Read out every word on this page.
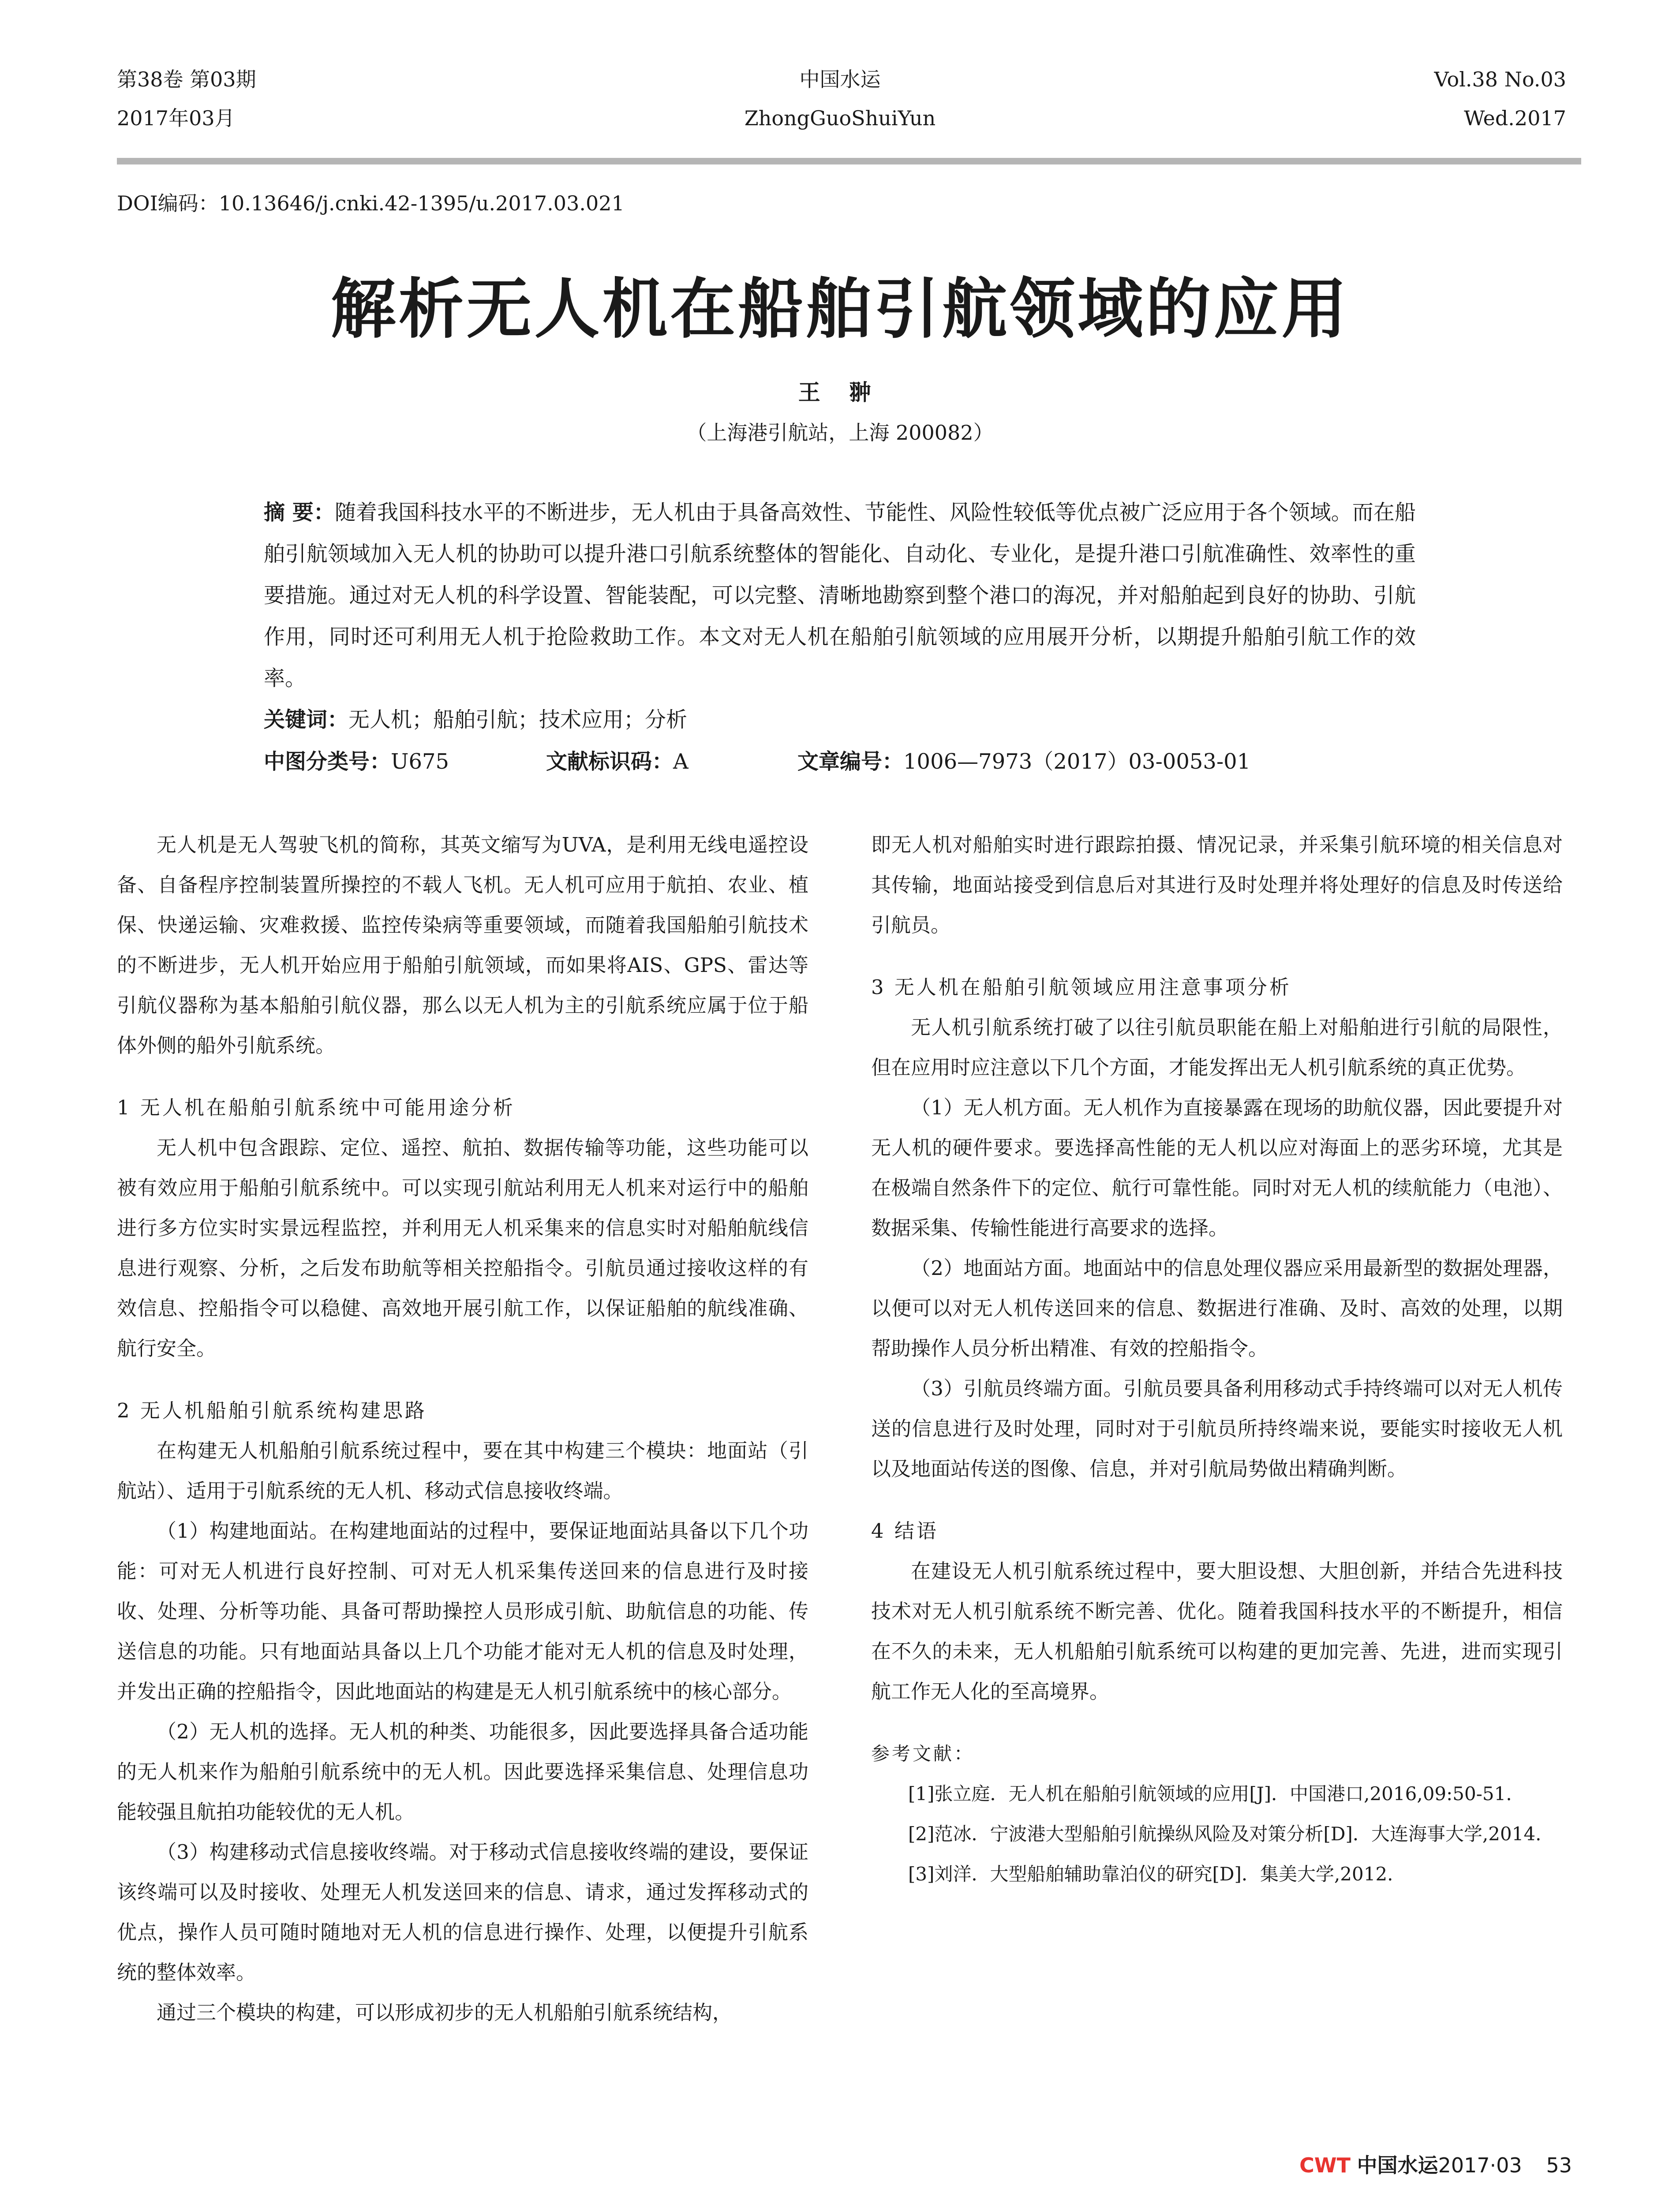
第38卷 第03期
2017年03月
中国水运
ZhongGuoShuiYun
Vol.38 No.03
Wed.2017
DOI编码：10.13646/j.cnki.42-1395/u.2017.03.021
解析无人机在船舶引航领域的应用
王 翀
（上海港引航站，上海 200082）
摘 要：随着我国科技水平的不断进步，无人机由于具备高效性、节能性、风险性较低等优点被广泛应用于各个领域。而在船舶引航领域加入无人机的协助可以提升港口引航系统整体的智能化、自动化、专业化，是提升港口引航准确性、效率性的重要措施。通过对无人机的科学设置、智能装配，可以完整、清晰地勘察到整个港口的海况，并对船舶起到良好的协助、引航作用，同时还可利用无人机于抢险救助工作。本文对无人机在船舶引航领域的应用展开分析，以期提升船舶引航工作的效率。
关键词：无人机；船舶引航；技术应用；分析
中图分类号：U675	文献标识码：A	文章编号：1006—7973（2017）03-0053-01

无人机是无人驾驶飞机的简称，其英文缩写为UVA，是利用无线电遥控设备、自备程序控制装置所操控的不载人飞机。无人机可应用于航拍、农业、植保、快递运输、灾难救援、监控传染病等重要领域，而随着我国船舶引航技术的不断进步，无人机开始应用于船舶引航领域，而如果将AIS、GPS、雷达等引航仪器称为基本船舶引航仪器，那么以无人机为主的引航系统应属于位于船体外侧的船外引航系统。

1 无人机在船舶引航系统中可能用途分析

无人机中包含跟踪、定位、遥控、航拍、数据传输等功能，这些功能可以被有效应用于船舶引航系统中。可以实现引航站利用无人机来对运行中的船舶进行多方位实时实景远程监控，并利用无人机采集来的信息实时对船舶航线信息进行观察、分析，之后发布助航等相关控船指令。引航员通过接收这样的有效信息、控船指令可以稳健、高效地开展引航工作，以保证船舶的航线准确、航行安全。

2 无人机船舶引航系统构建思路

在构建无人机船舶引航系统过程中，要在其中构建三个模块：地面站（引航站）、适用于引航系统的无人机、移动式信息接收终端。

（1）构建地面站。在构建地面站的过程中，要保证地面站具备以下几个功能：可对无人机进行良好控制、可对无人机采集传送回来的信息进行及时接收、处理、分析等功能、具备可帮助操控人员形成引航、助航信息的功能、传送信息的功能。只有地面站具备以上几个功能才能对无人机的信息及时处理，并发出正确的控船指令，因此地面站的构建是无人机引航系统中的核心部分。

（2）无人机的选择。无人机的种类、功能很多，因此要选择具备合适功能的无人机来作为船舶引航系统中的无人机。因此要选择采集信息、处理信息功能较强且航拍功能较优的无人机。

（3）构建移动式信息接收终端。对于移动式信息接收终端的建设，要保证该终端可以及时接收、处理无人机发送回来的信息、请求，通过发挥移动式的优点，操作人员可随时随地对无人机的信息进行操作、处理，以便提升引航系统的整体效率。

通过三个模块的构建，可以形成初步的无人机船舶引航系统结构，

即无人机对船舶实时进行跟踪拍摄、情况记录，并采集引航环境的相关信息对其传输，地面站接受到信息后对其进行及时处理并将处理好的信息及时传送给引航员。

3 无人机在船舶引航领域应用注意事项分析

无人机引航系统打破了以往引航员职能在船上对船舶进行引航的局限性，但在应用时应注意以下几个方面，才能发挥出无人机引航系统的真正优势。

（1）无人机方面。无人机作为直接暴露在现场的助航仪器，因此要提升对无人机的硬件要求。要选择高性能的无人机以应对海面上的恶劣环境，尤其是在极端自然条件下的定位、航行可靠性能。同时对无人机的续航能力（电池）、数据采集、传输性能进行高要求的选择。

（2）地面站方面。地面站中的信息处理仪器应采用最新型的数据处理器，以便可以对无人机传送回来的信息、数据进行准确、及时、高效的处理，以期帮助操作人员分析出精准、有效的控船指令。

（3）引航员终端方面。引航员要具备利用移动式手持终端可以对无人机传送的信息进行及时处理，同时对于引航员所持终端来说，要能实时接收无人机以及地面站传送的图像、信息，并对引航局势做出精确判断。

4 结语

在建设无人机引航系统过程中，要大胆设想、大胆创新，并结合先进科技技术对无人机引航系统不断完善、优化。随着我国科技水平的不断提升，相信在不久的未来，无人机船舶引航系统可以构建的更加完善、先进，进而实现引航工作无人化的至高境界。

参考文献：

[1]张立庭．无人机在船舶引航领域的应用[J]．中国港口,2016,09:50-51.

[2]范冰．宁波港大型船舶引航操纵风险及对策分析[D]．大连海事大学,2014.

[3]刘洋．大型船舶辅助靠泊仪的研究[D]．集美大学,2012.

CWT 中国水运2017·03 53
